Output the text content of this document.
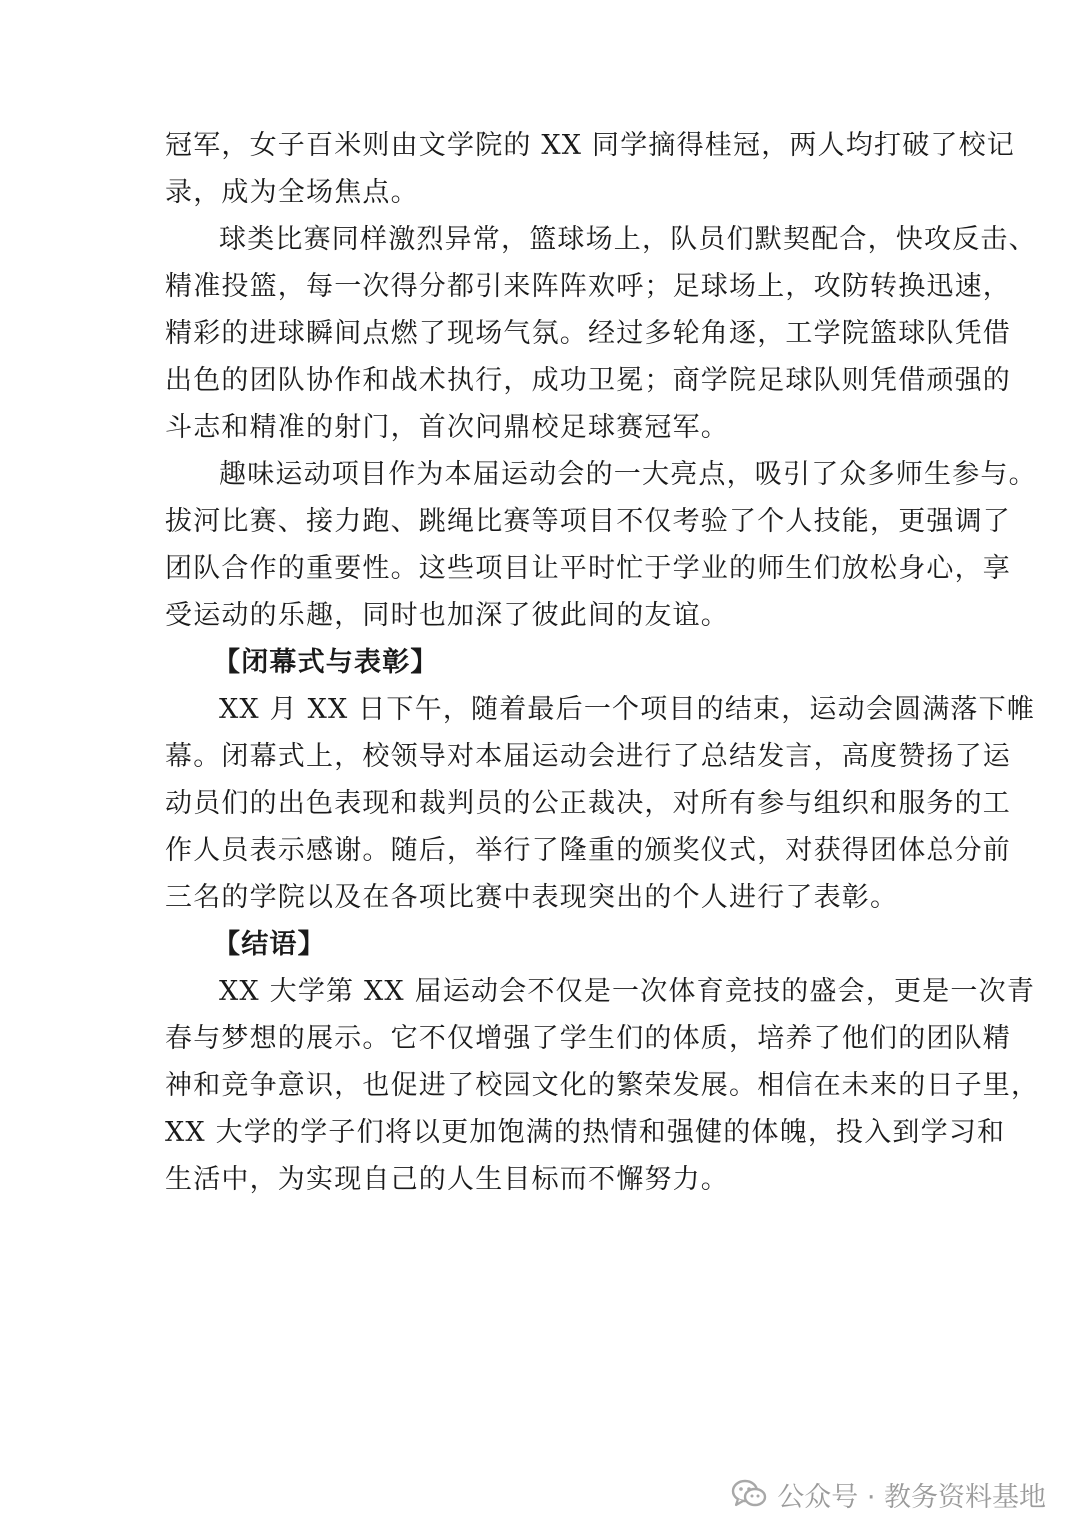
冠军，女子百米则由文学院的 XX 同学摘得桂冠，两人均打破了校记
录，成为全场焦点。
球类比赛同样激烈异常，篮球场上，队员们默契配合，快攻反击、
精准投篮，每一次得分都引来阵阵欢呼；足球场上，攻防转换迅速，
精彩的进球瞬间点燃了现场气氛。经过多轮角逐，工学院篮球队凭借
出色的团队协作和战术执行，成功卫冕；商学院足球队则凭借顽强的
斗志和精准的射门，首次问鼎校足球赛冠军。
趣味运动项目作为本届运动会的一大亮点，吸引了众多师生参与。
拔河比赛、接力跑、跳绳比赛等项目不仅考验了个人技能，更强调了
团队合作的重要性。这些项目让平时忙于学业的师生们放松身心，享
受运动的乐趣，同时也加深了彼此间的友谊。
【闭幕式与表彰】
XX 月 XX 日下午，随着最后一个项目的结束，运动会圆满落下帷
幕。闭幕式上，校领导对本届运动会进行了总结发言，高度赞扬了运
动员们的出色表现和裁判员的公正裁决，对所有参与组织和服务的工
作人员表示感谢。随后，举行了隆重的颁奖仪式，对获得团体总分前
三名的学院以及在各项比赛中表现突出的个人进行了表彰。
【结语】
XX 大学第 XX 届运动会不仅是一次体育竞技的盛会，更是一次青
春与梦想的展示。它不仅增强了学生们的体质，培养了他们的团队精
神和竞争意识，也促进了校园文化的繁荣发展。相信在未来的日子里，
XX 大学的学子们将以更加饱满的热情和强健的体魄，投入到学习和
生活中，为实现自己的人生目标而不懈努力。
公众号 · 教务资料基地
